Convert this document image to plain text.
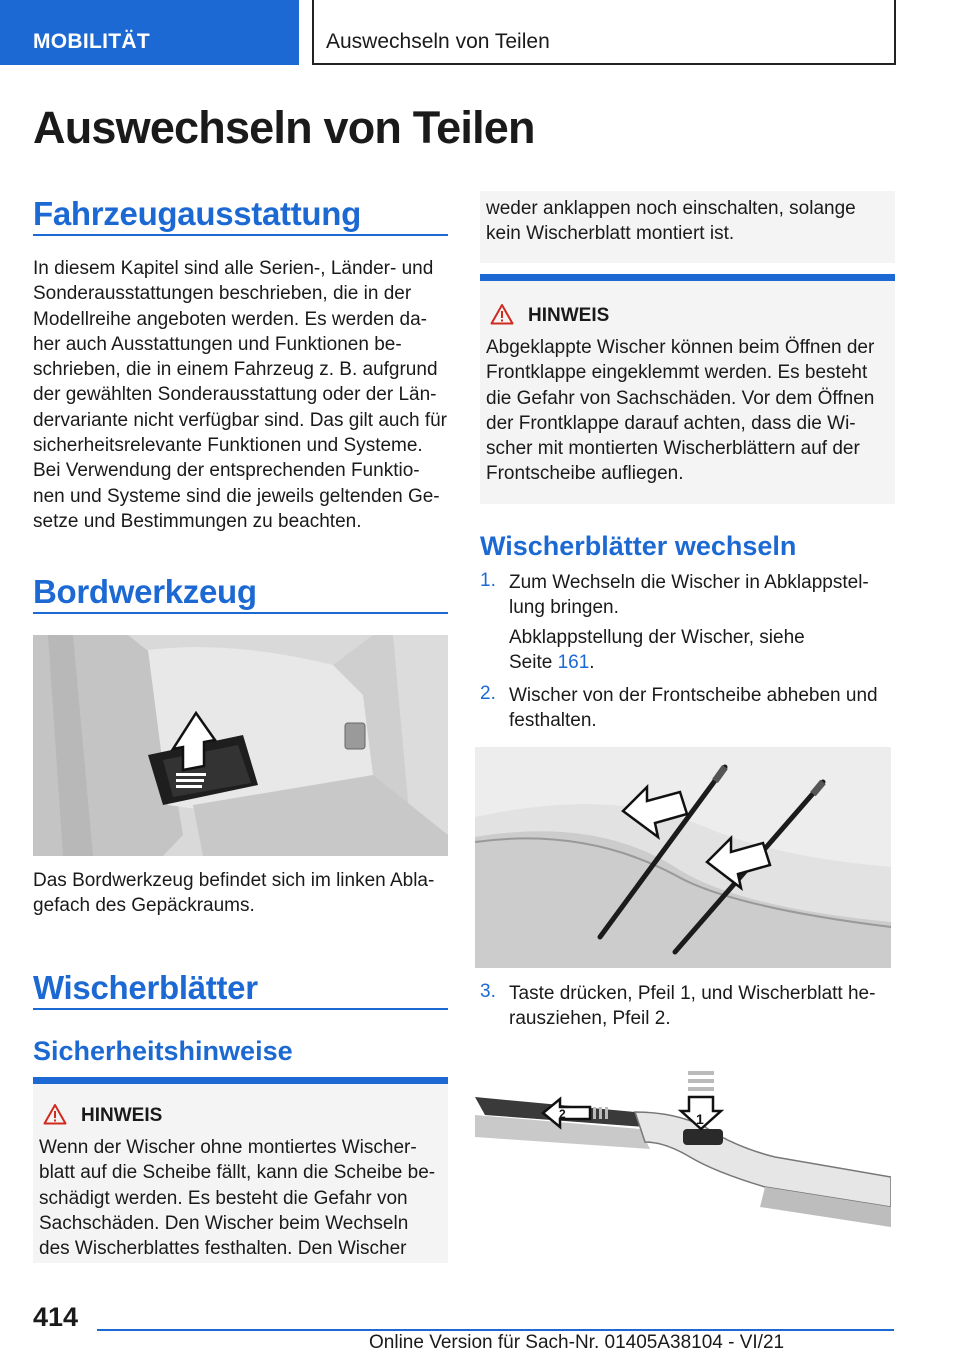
MOBILITÄT	Auswechseln von Teilen
Auswechseln von Teilen
Fahrzeugausstattung
In diesem Kapitel sind alle Serien-, Länder- und
Sonderausstattungen beschrieben, die in der
Modellreihe angeboten werden. Es werden da-
her auch Ausstattungen und Funktionen be-
schrieben, die in einem Fahrzeug z. B. aufgrund
der gewählten Sonderausstattung oder der Län-
dervariante nicht verfügbar sind. Das gilt auch für
sicherheitsrelevante Funktionen und Systeme.
Bei Verwendung der entsprechenden Funktio-
nen und Systeme sind die jeweils geltenden Ge-
setze und Bestimmungen zu beachten.
Bordwerkzeug
Das Bordwerkzeug befindet sich im linken Abla-
gefach des Gepäckraums.
Wischerblätter
Sicherheitshinweise
HINWEIS
Wenn der Wischer ohne montiertes Wischer-
blatt auf die Scheibe fällt, kann die Scheibe be-
schädigt werden. Es besteht die Gefahr von
Sachschäden. Den Wischer beim Wechseln
des Wischerblattes festhalten. Den Wischer
weder anklappen noch einschalten, solange
kein Wischerblatt montiert ist.
HINWEIS
Abgeklappte Wischer können beim Öffnen der
Frontklappe eingeklemmt werden. Es besteht
die Gefahr von Sachschäden. Vor dem Öffnen
der Frontklappe darauf achten, dass die Wi-
scher mit montierten Wischerblättern auf der
Frontscheibe aufliegen.
Wischerblätter wechseln
1. Zum Wechseln die Wischer in Abklappstel-
lung bringen.
Abklappstellung der Wischer, siehe
Seite 161.
2. Wischer von der Frontscheibe abheben und
festhalten.
3. Taste drücken, Pfeil 1, und Wischerblatt he-
rausziehen, Pfeil 2.
1
2
414
Online Version für Sach-Nr. 01405A38104 - VI/21
